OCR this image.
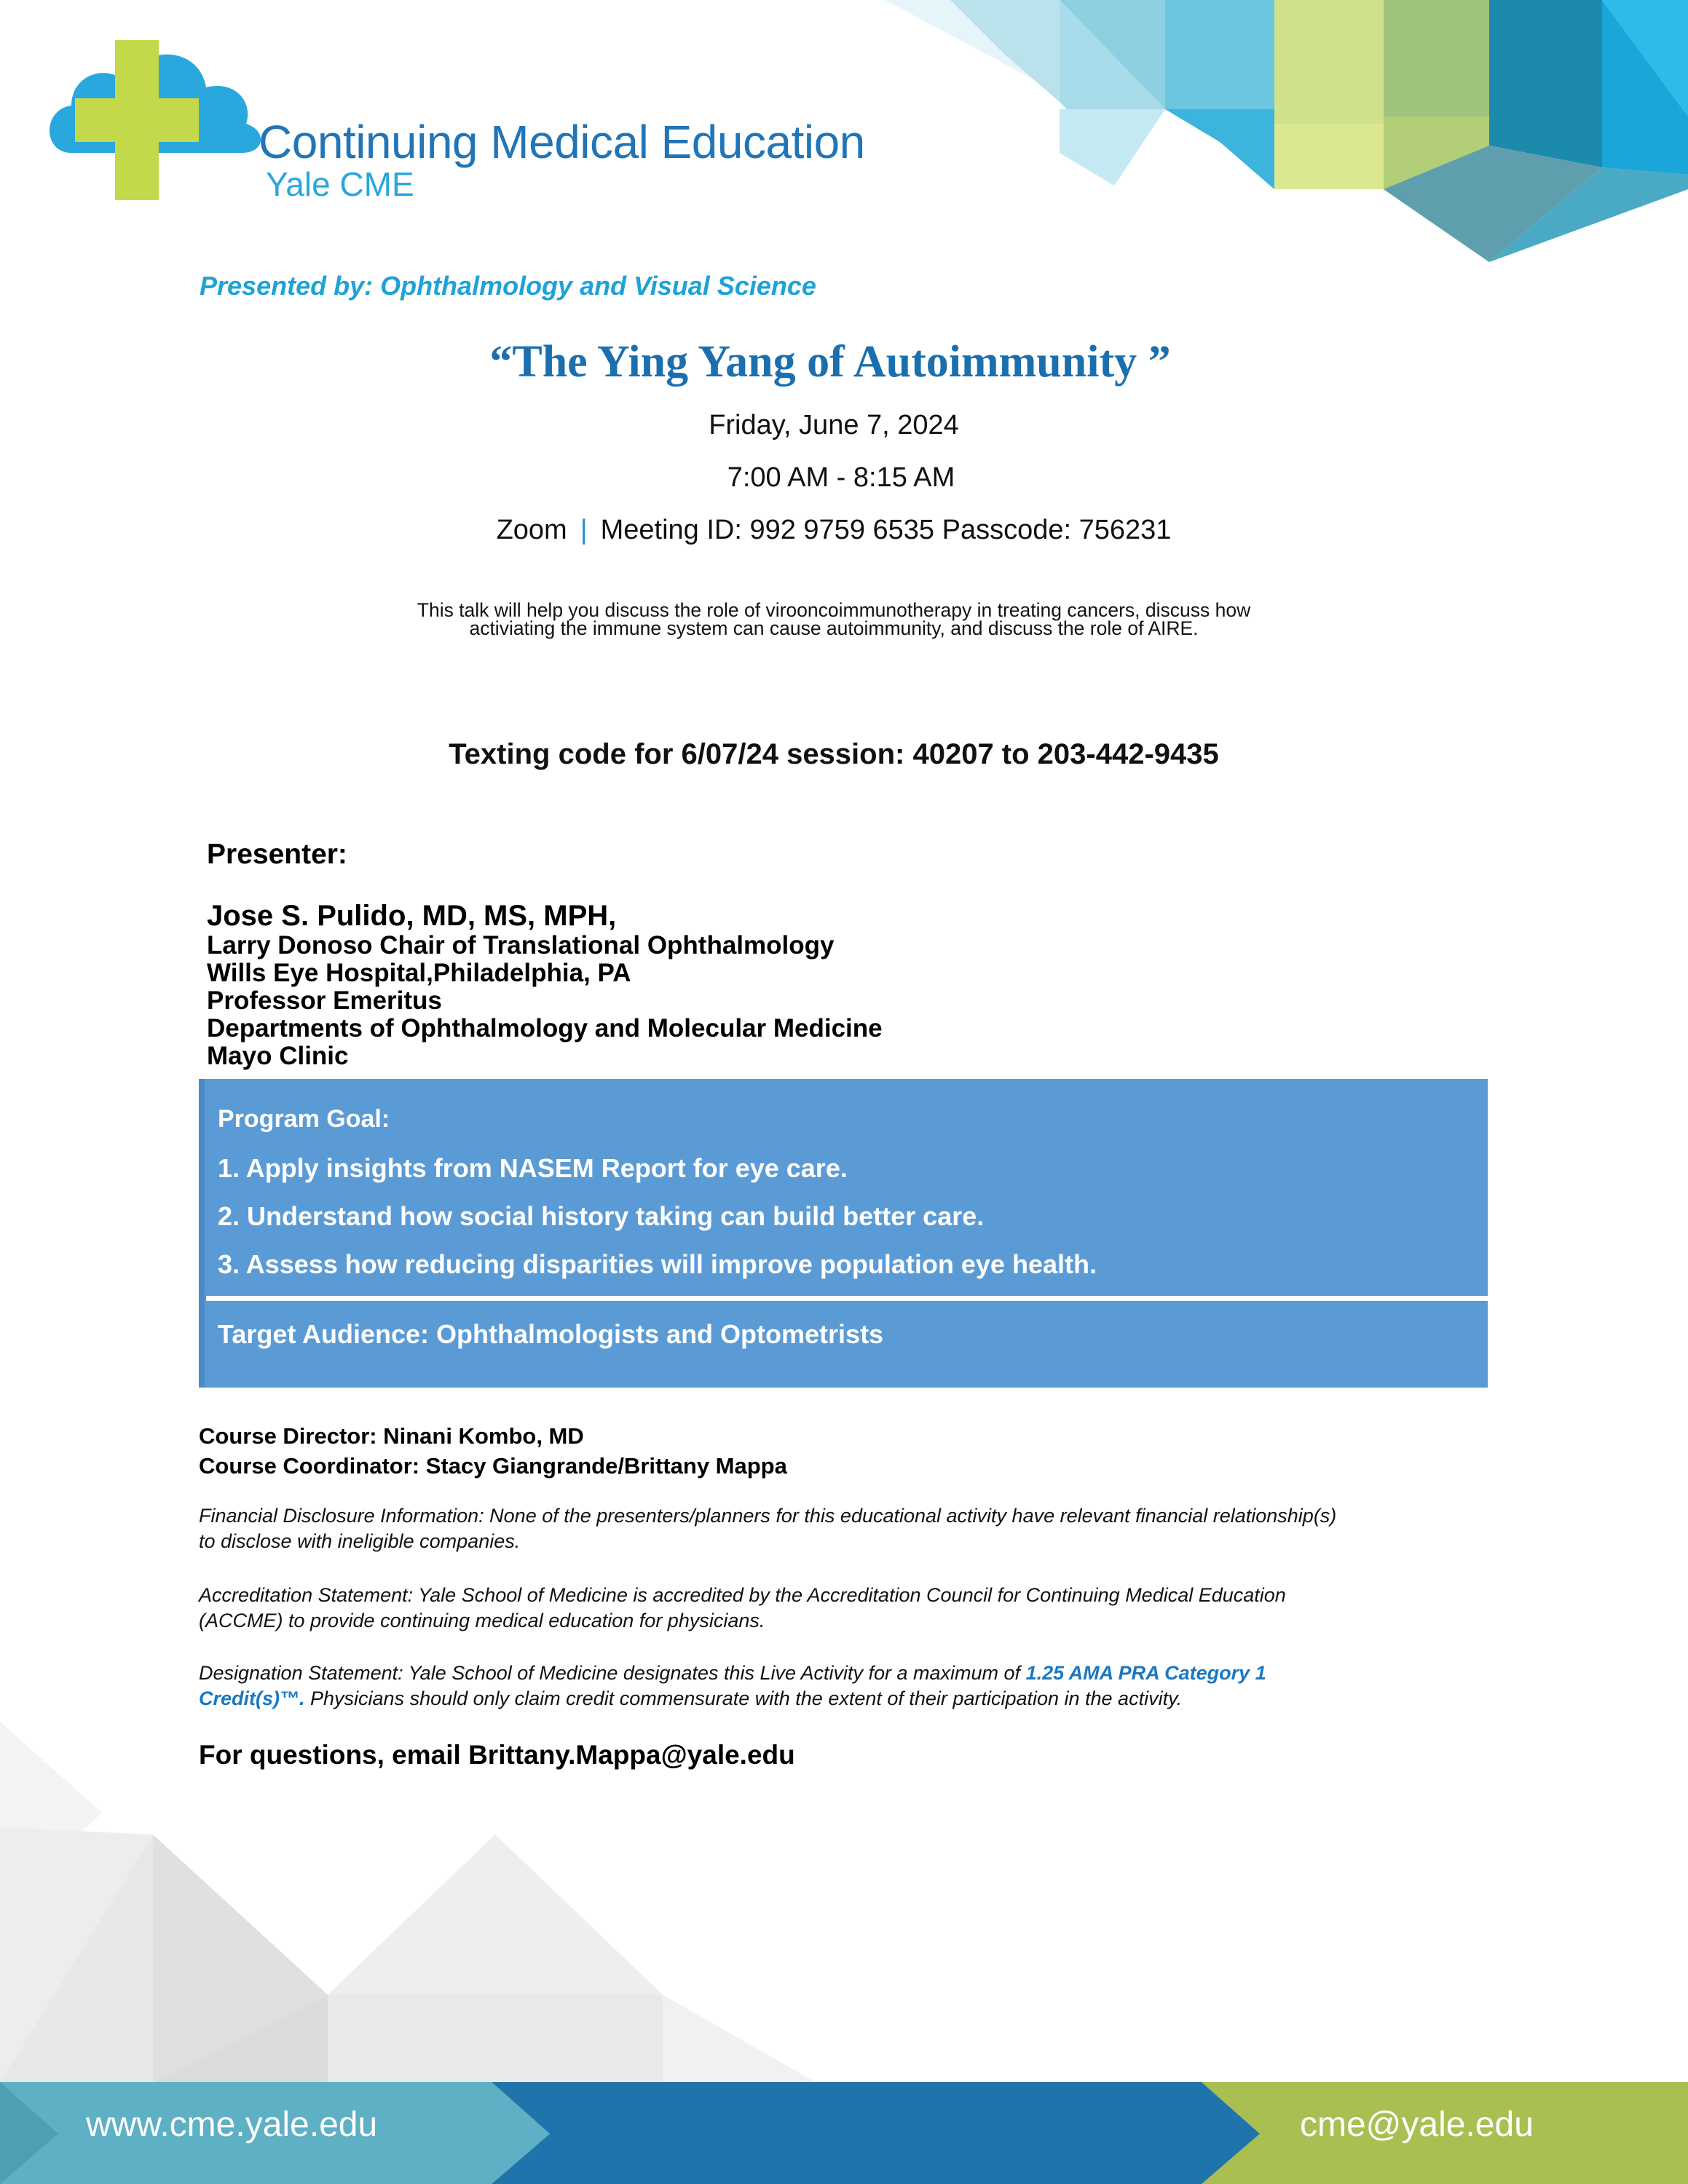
Continuing Medical Education
Yale CME
Presented by: Ophthalmology and Visual Science
“The Ying Yang of Autoimmunity ”
Friday, June 7, 2024
7:00 AM - 8:15 AM
Zoom | Meeting ID: 992 9759 6535 Passcode: 756231
This talk will help you discuss the role of virooncoimmunotherapy in treating cancers, discuss how
activiating the immune system can cause autoimmunity, and discuss the role of AIRE.
Texting code for 6/07/24 session: 40207 to 203-442-9435
Presenter:
Jose S. Pulido, MD, MS, MPH,
Larry Donoso Chair of Translational Ophthalmology
Wills Eye Hospital,Philadelphia, PA
Professor Emeritus
Departments of Ophthalmology and Molecular Medicine
Mayo Clinic
Program Goal:
1. Apply insights from NASEM Report for eye care.
2. Understand how social history taking can build better care.
3. Assess how reducing disparities will improve population eye health.
Target Audience: Ophthalmologists and Optometrists
Course Director: Ninani Kombo, MD
Course Coordinator: Stacy Giangrande/Brittany Mappa
Financial Disclosure Information: None of the presenters/planners for this educational activity have relevant financial relationship(s)
to disclose with ineligible companies.
Accreditation Statement: Yale School of Medicine is accredited by the Accreditation Council for Continuing Medical Education
(ACCME) to provide continuing medical education for physicians.
Designation Statement: Yale School of Medicine designates this Live Activity for a maximum of 1.25 AMA PRA Category 1
Credit(s)™. Physicians should only claim credit commensurate with the extent of their participation in the activity.
For questions, email Brittany.Mappa@yale.edu
www.cme.yale.edu	cme@yale.edu
